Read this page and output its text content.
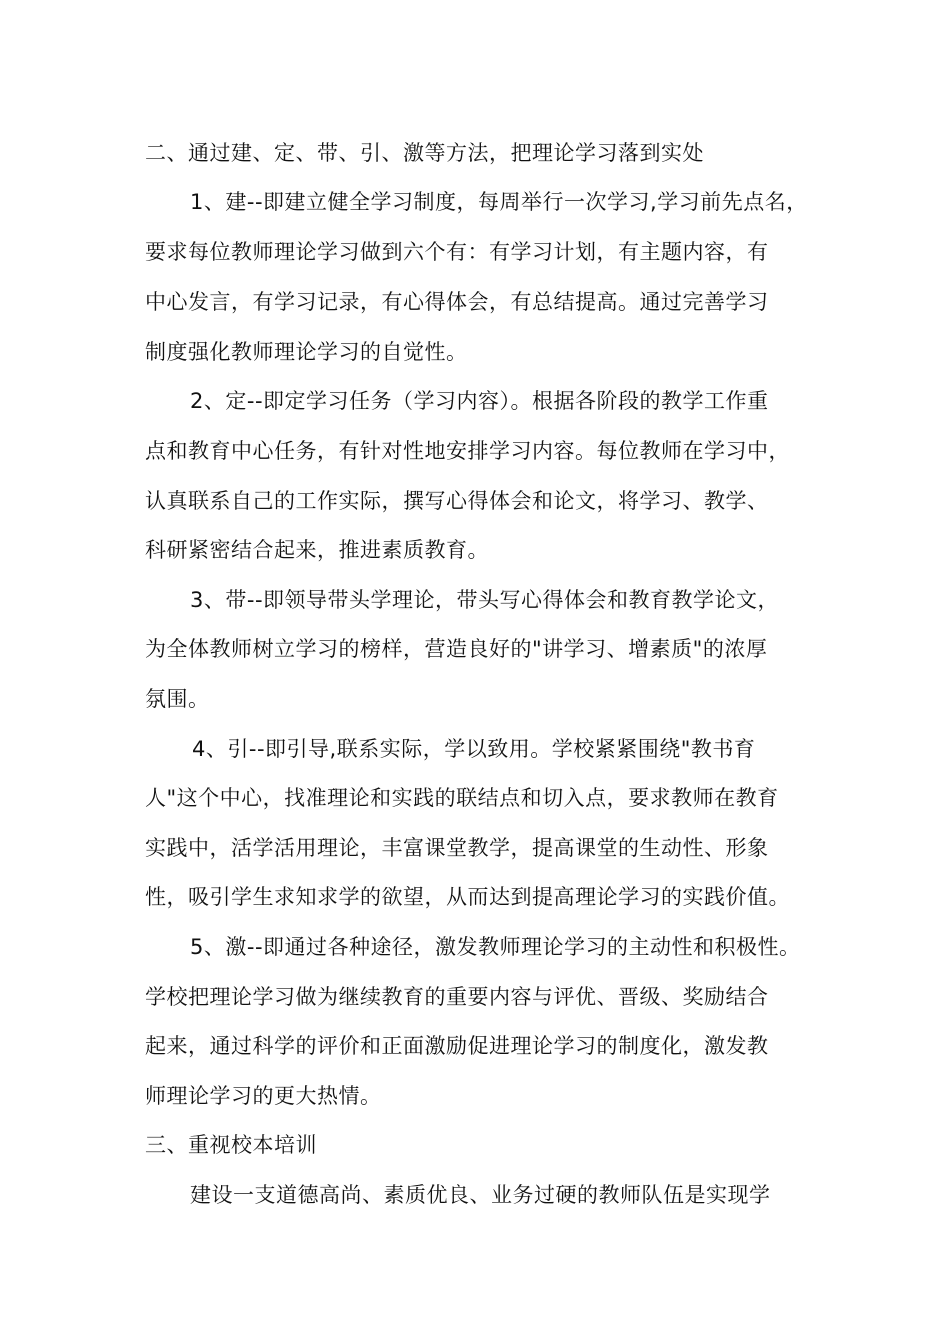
二、通过建、定、带、引、激等方法，把理论学习落到实处

1、建--即建立健全学习制度，每周举行一次学习,学习前先点名，

要求每位教师理论学习做到六个有：有学习计划，有主题内容，有

中心发言，有学习记录，有心得体会，有总结提高。通过完善学习

制度强化教师理论学习的自觉性。

2、定--即定学习任务（学习内容）。根据各阶段的教学工作重

点和教育中心任务，有针对性地安排学习内容。每位教师在学习中，

认真联系自己的工作实际，撰写心得体会和论文，将学习、教学、

科研紧密结合起来，推进素质教育。

3、带--即领导带头学理论，带头写心得体会和教育教学论文，

为全体教师树立学习的榜样，营造良好的"讲学习、增素质"的浓厚

氛围。

4、引--即引导,联系实际，学以致用。学校紧紧围绕"教书育

人"这个中心，找准理论和实践的联结点和切入点，要求教师在教育

实践中，活学活用理论，丰富课堂教学，提高课堂的生动性、形象

性，吸引学生求知求学的欲望，从而达到提高理论学习的实践价值。

5、激--即通过各种途径，激发教师理论学习的主动性和积极性。

学校把理论学习做为继续教育的重要内容与评优、晋级、奖励结合

起来，通过科学的评价和正面激励促进理论学习的制度化，激发教

师理论学习的更大热情。

三、重视校本培训

建设一支道德高尚、素质优良、业务过硬的教师队伍是实现学
